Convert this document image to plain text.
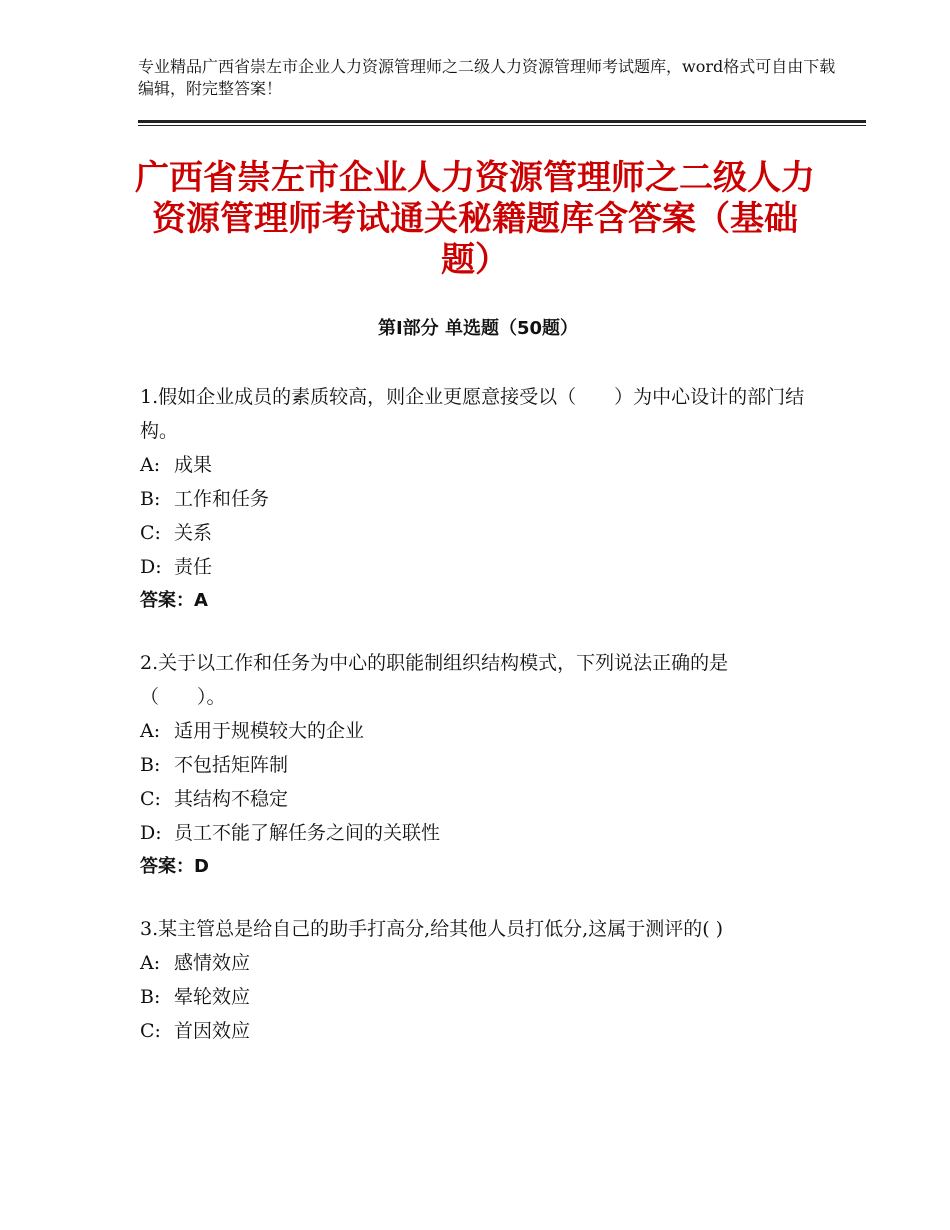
专业精品广西省崇左市企业人力资源管理师之二级人力资源管理师考试题库，word格式可自由下载编辑，附完整答案！
广西省崇左市企业人力资源管理师之二级人力资源管理师考试通关秘籍题库含答案（基础题）
第Ⅰ部分 单选题（50题）

1.假如企业成员的素质较高，则企业更愿意接受以（　　）为中心设计的部门结构。

A: 成果

B: 工作和任务

C: 关系

D: 责任

答案：A

2.关于以工作和任务为中心的职能制组织结构模式，下列说法正确的是（　　）。

A: 适用于规模较大的企业

B: 不包括矩阵制

C: 其结构不稳定

D: 员工不能了解任务之间的关联性

答案：D

3.某主管总是给自己的助手打高分,给其他人员打低分,这属于测评的( )

A: 感情效应

B: 晕轮效应

C: 首因效应
